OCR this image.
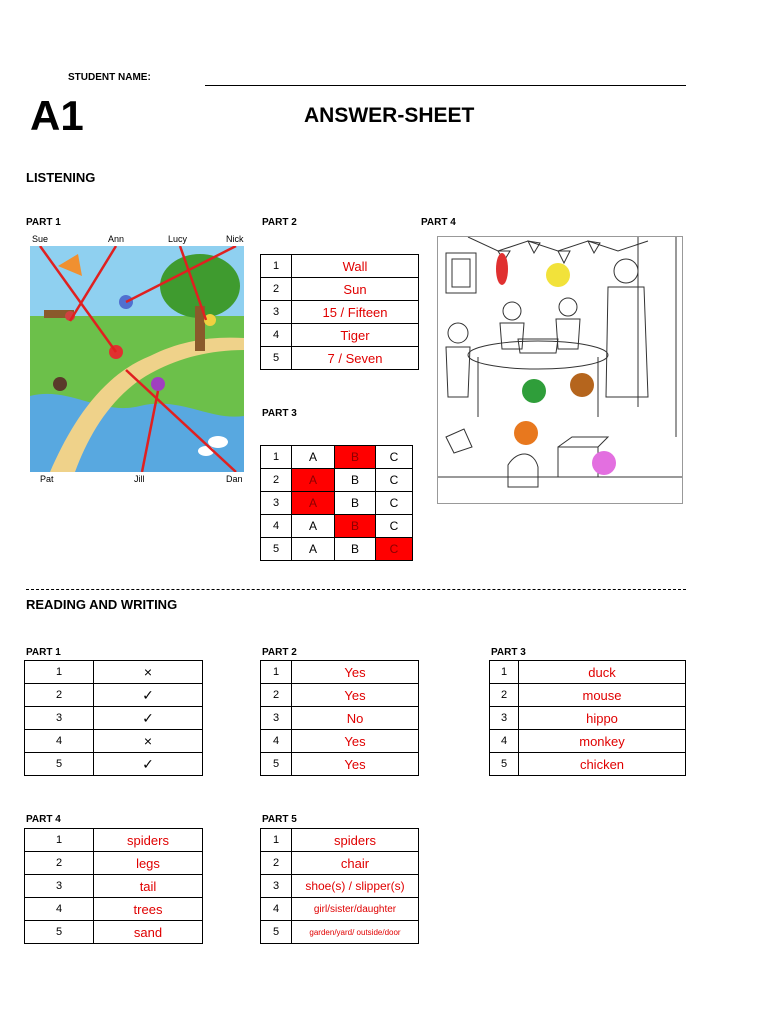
STUDENT NAME:
A1	ANSWER-SHEET
LISTENING
PART 1	PART 2	PART 4
Sue	Ann	Lucy	Nick
Pat	Jill	Dan
1	Wall
2	Sun
3	15 / Fifteen
4	Tiger
5	7 / Seven
PART 3
1	A	B	C
2	A	B	C
3	A	B	C
4	A	B	C
5	A	B	C
READING AND WRITING
PART 1	PART 2	PART 3
1	×
2	✓
3	✓
4	×
5	✓
1	Yes
2	Yes
3	No
4	Yes
5	Yes
1	duck
2	mouse
3	hippo
4	monkey
5	chicken
PART 4
1	spiders
2	legs
3	tail
4	trees
5	sand
PART 5
1	spiders
2	chair
3	shoe(s) / slipper(s)
4	girl/sister/daughter
5	garden/yard/ outside/door
